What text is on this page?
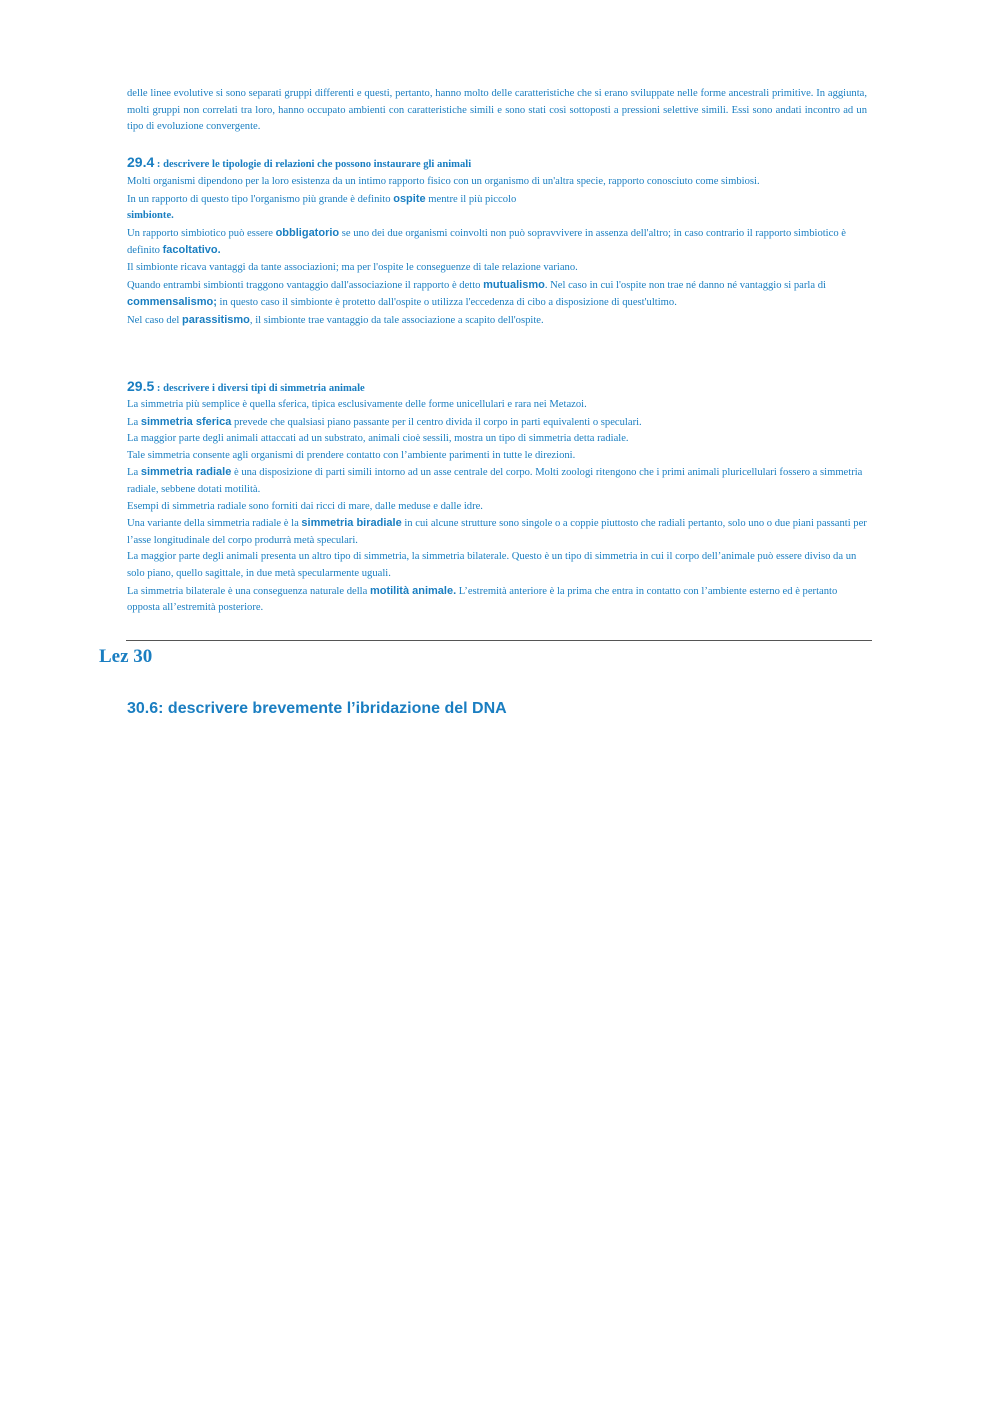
delle linee evolutive si sono separati gruppi differenti e questi, pertanto, hanno molto delle caratteristiche che si erano sviluppate nelle forme ancestrali primitive. In aggiunta, molti gruppi non correlati tra loro, hanno occupato ambienti con caratteristiche simili e sono stati così sottoposti a pressioni selettive simili. Essi sono andati incontro ad un tipo di evoluzione convergente.

29.4 : descrivere le tipologie di relazioni che possono instaurare gli animali

Molti organismi dipendono per la loro esistenza da un intimo rapporto fisico con un organismo di un'altra specie, rapporto conosciuto come simbiosi.

In un rapporto di questo tipo l'organismo più grande è definito ospite mentre il più piccolo

simbionte.

Un rapporto simbiotico può essere obbligatorio se uno dei due organismi coinvolti non può sopravvivere in assenza dell'altro; in caso contrario il rapporto simbiotico è definito facoltativo.

Il simbionte ricava vantaggi da tante associazioni; ma per l'ospite le conseguenze di tale relazione variano.

Quando entrambi simbionti traggono vantaggio dall'associazione il rapporto è detto mutualismo. Nel caso in cui l'ospite non trae né danno né vantaggio si parla di commensalismo; in questo caso il simbionte è protetto dall'ospite o utilizza l'eccedenza di cibo a disposizione di quest'ultimo.

Nel caso del parassitismo, il simbionte trae vantaggio da tale associazione a scapito dell'ospite.

29.5 : descrivere i diversi tipi di simmetria animale

La simmetria più semplice è quella sferica, tipica esclusivamente delle forme unicellulari e rara nei Metazoi.

La simmetria sferica prevede che qualsiasi piano passante per il centro divida il corpo in parti equivalenti o speculari.

La maggior parte degli animali attaccati ad un substrato, animali cioè sessili, mostra un tipo di simmetria detta radiale.

Tale simmetria consente agli organismi di prendere contatto con l’ambiente parimenti in tutte le direzioni.

La simmetria radiale è una disposizione di parti simili intorno ad un asse centrale del corpo. Molti zoologi ritengono che i primi animali pluricellulari fossero a simmetria radiale, sebbene dotati motilità.

Esempi di simmetria radiale sono forniti dai ricci di mare, dalle meduse e dalle idre.

Una variante della simmetria radiale è la simmetria biradiale in cui alcune strutture sono singole o a coppie piuttosto che radiali pertanto, solo uno o due piani passanti per l’asse longitudinale del corpo produrrà metà speculari.

La maggior parte degli animali presenta un altro tipo di simmetria, la simmetria bilaterale. Questo è un tipo di simmetria in cui il corpo dell’animale può essere diviso da un solo piano, quello sagittale, in due metà specularmente uguali.

La simmetria bilaterale è una conseguenza naturale della motilità animale. L’estremità anteriore è la prima che entra in contatto con l’ambiente esterno ed è pertanto opposta all’estremità posteriore.

Lez 30
30.6: descrivere brevemente l’ibridazione del DNA
